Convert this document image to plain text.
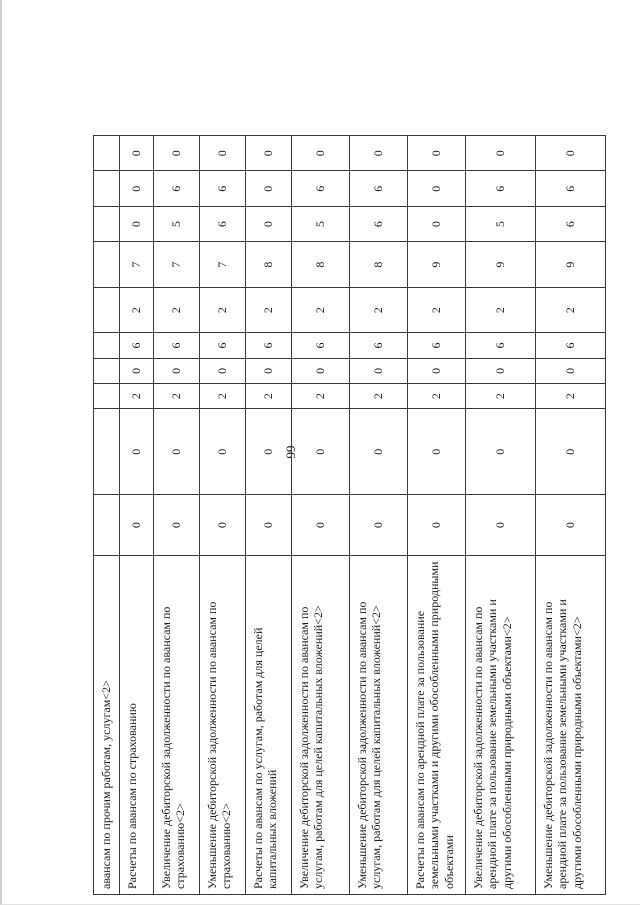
99
авансам по прочим работам, услугам<2>										
Расчеты по авансам по страхованию	0	0	2	0	6	2	7	0	0	0
Увеличение дебиторской задолженности по авансам по страхованию<2>	0	0	2	0	6	2	7	5	6	0
Уменьшение дебиторской задолженности по авансам по страхованию<2>	0	0	2	0	6	2	7	6	6	0
Расчеты по авансам по услугам, работам для целей капитальных вложений	0	0	2	0	6	2	8	0	0	0
Увеличение дебиторской задолженности по авансам по услугам, работам для целей капитальных вложений<2>	0	0	2	0	6	2	8	5	6	0
Уменьшение дебиторской задолженности по авансам по услугам, работам для целей капитальных вложений<2>	0	0	2	0	6	2	8	6	6	0
Расчеты по авансам по арендной плате за пользование земельными участками и другими обособленными природными объектами	0	0	2	0	6	2	9	0	0	0
Увеличение дебиторской задолженности по авансам по арендной плате за пользование земельными участками и другими обособленными природными объектами<2>	0	0	2	0	6	2	9	5	6	0
Уменьшение дебиторской задолженности по авансам по арендной плате за пользование земельными участками и другими обособленными природными объектами<2>	0	0	2	0	6	2	9	6	6	0
